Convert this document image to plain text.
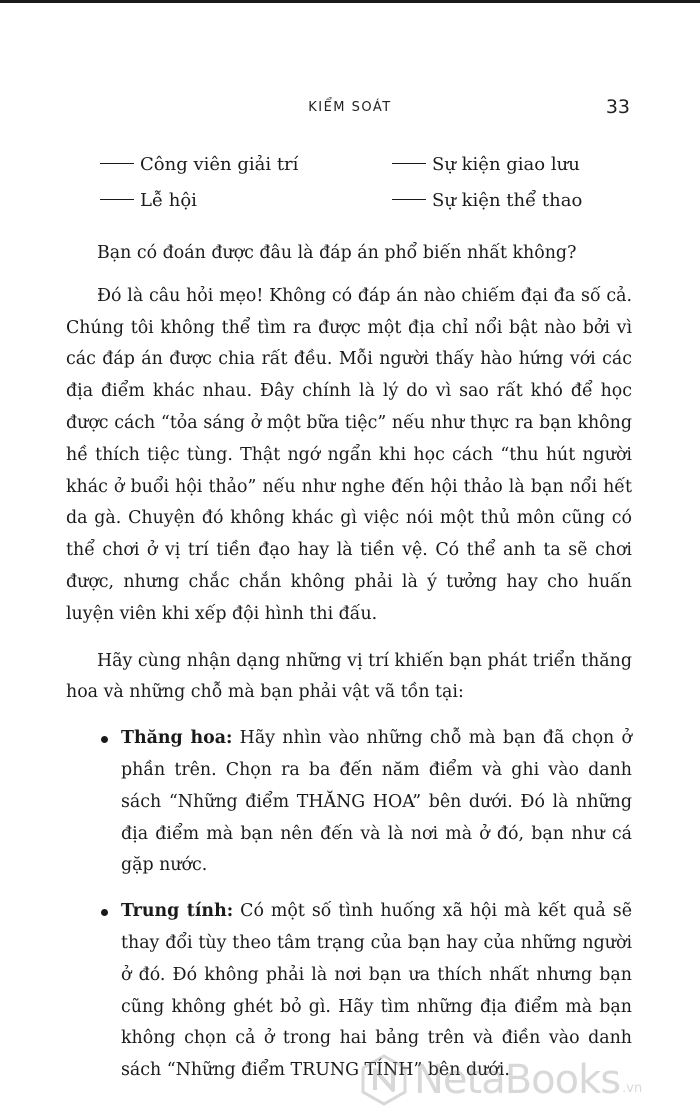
KIỂM SOÁT	33
Công viên giải trí	Sự kiện giao lưu
Lễ hội	Sự kiện thể thao

Bạn có đoán được đâu là đáp án phổ biến nhất không?

Đó là câu hỏi mẹo! Không có đáp án nào chiếm đại đa số cả. Chúng tôi không thể tìm ra được một địa chỉ nổi bật nào bởi vì các đáp án được chia rất đều. Mỗi người thấy hào hứng với các địa điểm khác nhau. Đây chính là lý do vì sao rất khó để học được cách “tỏa sáng ở một bữa tiệc” nếu như thực ra bạn không hề thích tiệc tùng. Thật ngớ ngẩn khi học cách “thu hút người khác ở buổi hội thảo” nếu như nghe đến hội thảo là bạn nổi hết da gà. Chuyện đó không khác gì việc nói một thủ môn cũng có thể chơi ở vị trí tiền đạo hay là tiền vệ. Có thể anh ta sẽ chơi được, nhưng chắc chắn không phải là ý tưởng hay cho huấn luyện viên khi xếp đội hình thi đấu.

Hãy cùng nhận dạng những vị trí khiến bạn phát triển thăng hoa và những chỗ mà bạn phải vật vã tồn tại:

Thăng hoa: Hãy nhìn vào những chỗ mà bạn đã chọn ở phần trên. Chọn ra ba đến năm điểm và ghi vào danh sách “Những điểm THĂNG HOA” bên dưới. Đó là những địa điểm mà bạn nên đến và là nơi mà ở đó, bạn như cá gặp nước.
Trung tính: Có một số tình huống xã hội mà kết quả sẽ thay đổi tùy theo tâm trạng của bạn hay của những người ở đó. Đó không phải là nơi bạn ưa thích nhất nhưng bạn cũng không ghét bỏ gì. Hãy tìm những địa điểm mà bạn không chọn cả ở trong hai bảng trên và điền vào danh sách “Những điểm TRUNG TÍNH” bên dưới.
NetaBooks .vn
